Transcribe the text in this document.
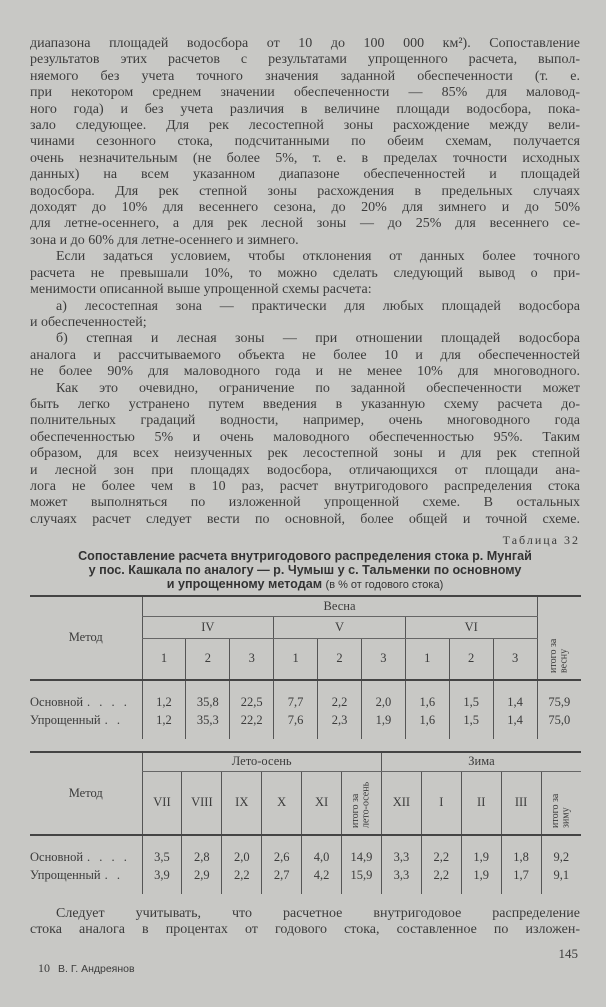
диапазона площадей водосбора от 10 до 100 000 км²). Сопоставление
результатов этих расчетов с результатами упрощенного расчета, выпол-
няемого без учета точного значения заданной обеспеченности (т. е.
при некотором среднем значении обеспеченности — 85% для маловод-
ного года) и без учета различия в величине площади водосбора, пока-
зало следующее. Для рек лесостепной зоны расхождение между вели-
чинами сезонного стока, подсчитанными по обеим схемам, получается
очень незначительным (не более 5%, т. е. в пределах точности исходных
данных) на всем указанном диапазоне обеспеченностей и площадей
водосбора. Для рек степной зоны расхождения в предельных случаях
доходят до 10% для весеннего сезона, до 20% для зимнего и до 50%
для летне-осеннего, а для рек лесной зоны — до 25% для весеннего се-
зона и до 60% для летне-осеннего и зимнего.
Если задаться условием, чтобы отклонения от данных более точного
расчета не превышали 10%, то можно сделать следующий вывод о при-
менимости описанной выше упрощенной схемы расчета:
а) лесостепная зона — практически для любых площадей водосбора
и обеспеченностей;
б) степная и лесная зоны — при отношении площадей водосбора
аналога и рассчитываемого объекта не более 10 и для обеспеченностей
не более 90% для маловодного года и не менее 10% для многоводного.
Как это очевидно, ограничение по заданной обеспеченности может
быть легко устранено путем введения в указанную схему расчета до-
полнительных градаций водности, например, очень многоводного года
обеспеченностью 5% и очень маловодного обеспеченностью 95%. Таким
образом, для всех неизученных рек лесостепной зоны и для рек степной
и лесной зон при площадях водосбора, отличающихся от площади ана-
лога не более чем в 10 раз, расчет внутригодового распределения стока
может выполняться по изложенной упрощенной схеме. В остальных
случаях расчет следует вести по основной, более общей и точной схеме.
Таблица 32
Сопоставление расчета внутригодового распределения стока р. Мунгай
у пос. Кашкала по аналогу — р. Чумыш у с. Тальменки по основному
и упрощенному методам (в % от годового стока)
Метод	Весна									
	IV			V			VI			итого за весну
	1	2	3	1	2	3	1	2	3	
Основной . . . .	1,2	35,8	22,5	7,7	2,2	2,0	1,6	1,5	1,4	75,9
Упрощенный . .	1,2	35,3	22,2	7,6	2,3	1,9	1,6	1,5	1,4	75,0
Метод	Лето-осень						Зима				
	VII	VIII	IX	X	XI	итого за лето-осень	XII	I	II	III	итого за зиму
Основной . . . .	3,5	2,8	2,0	2,6	4,0	14,9	3,3	2,2	1,9	1,8	9,2
Упрощенный . .	3,9	2,9	2,2	2,7	4,2	15,9	3,3	2,2	1,9	1,7	9,1
Следует учитывать, что расчетное внутригодовое распределение
стока аналога в процентах от годового стока, составленное по изложен-
10 В. Г. Андреянов
145
